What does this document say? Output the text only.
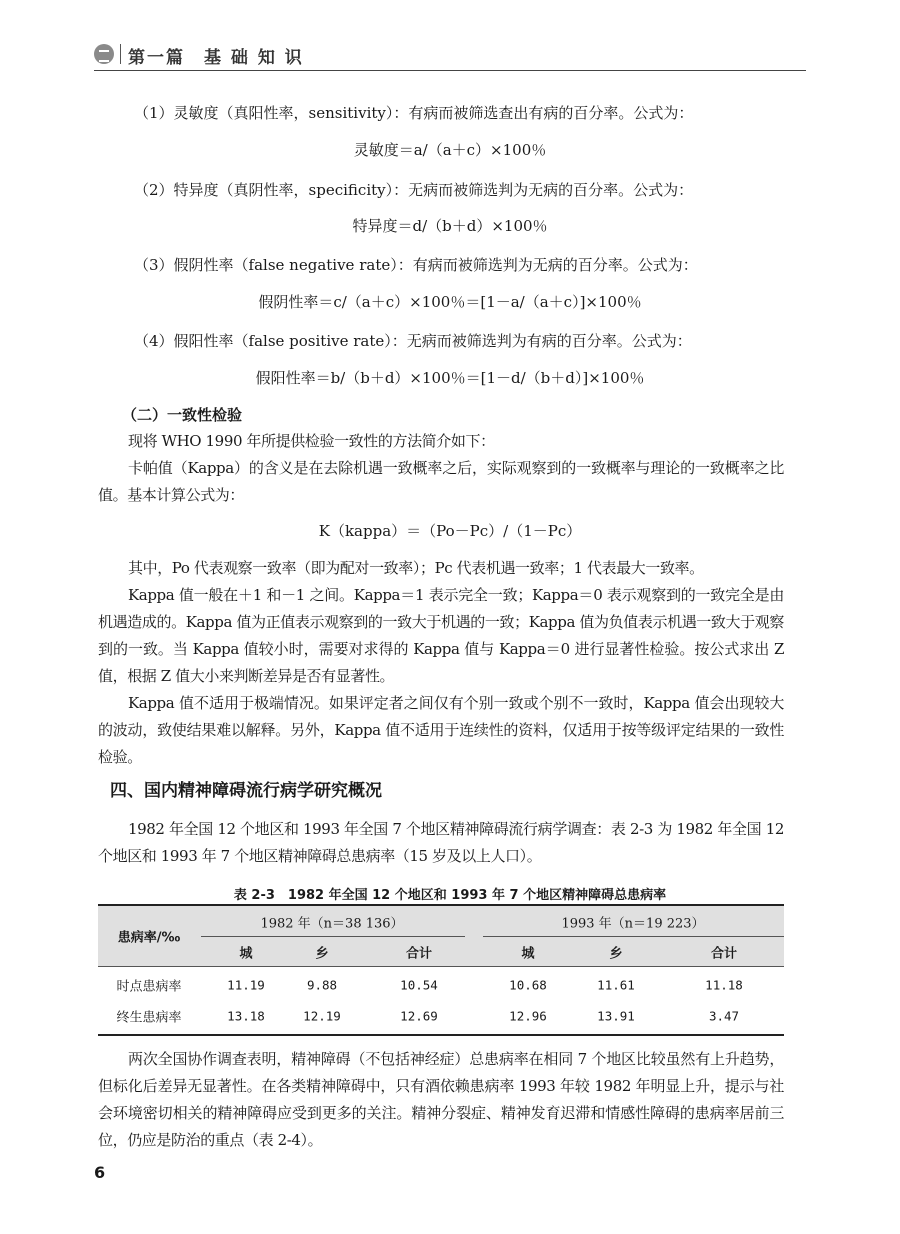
第一篇　基 础 知 识
（1）灵敏度（真阳性率，sensitivity）：有病而被筛选查出有病的百分率。公式为：
灵敏度＝a/（a＋c）×100％
（2）特异度（真阴性率，specificity）：无病而被筛选判为无病的百分率。公式为：
特异度＝d/（b＋d）×100％
（3）假阴性率（false negative rate）：有病而被筛选判为无病的百分率。公式为：
假阴性率＝c/（a＋c）×100％＝[1－a/（a＋c）]×100％
（4）假阳性率（false positive rate）：无病而被筛选判为有病的百分率。公式为：
假阳性率＝b/（b＋d）×100％＝[1－d/（b＋d）]×100％
（二）一致性检验

现将 WHO 1990 年所提供检验一致性的方法简介如下：

卡帕值（Kappa）的含义是在去除机遇一致概率之后，实际观察到的一致概率与理论的一致概率之比值。基本计算公式为：

K（kappa）＝（Po－Pc）/（1－Pc）

其中，Po 代表观察一致率（即为配对一致率）；Pc 代表机遇一致率；1 代表最大一致率。

Kappa 值一般在＋1 和－1 之间。Kappa＝1 表示完全一致；Kappa＝0 表示观察到的一致完全是由机遇造成的。Kappa 值为正值表示观察到的一致大于机遇的一致；Kappa 值为负值表示机遇一致大于观察到的一致。当 Kappa 值较小时，需要对求得的 Kappa 值与 Kappa＝0 进行显著性检验。按公式求出 Z 值，根据 Z 值大小来判断差异是否有显著性。

Kappa 值不适用于极端情况。如果评定者之间仅有个别一致或个别不一致时，Kappa 值会出现较大的波动，致使结果难以解释。另外，Kappa 值不适用于连续性的资料，仅适用于按等级评定结果的一致性检验。

四、国内精神障碍流行病学研究概况

1982 年全国 12 个地区和 1993 年全国 7 个地区精神障碍流行病学调查：表 2-3 为 1982 年全国 12 个地区和 1993 年 7 个地区精神障碍总患病率（15 岁及以上人口）。

表 2-3　1982 年全国 12 个地区和 1993 年 7 个地区精神障碍总患病率
患病率/‰
1982 年（n＝38 136）	1993 年（n＝19 223）
城	乡	合计	城	乡	合计
时点患病率	11.19	9.88	10.54	10.68	11.61	11.18
终生患病率	13.18	12.19	12.69	12.96	13.91	3.47

两次全国协作调查表明，精神障碍（不包括神经症）总患病率在相同 7 个地区比较虽然有上升趋势，但标化后差异无显著性。在各类精神障碍中，只有酒依赖患病率 1993 年较 1982 年明显上升，提示与社会环境密切相关的精神障碍应受到更多的关注。精神分裂症、精神发育迟滞和情感性障碍的患病率居前三位，仍应是防治的重点（表 2-4）。

6
